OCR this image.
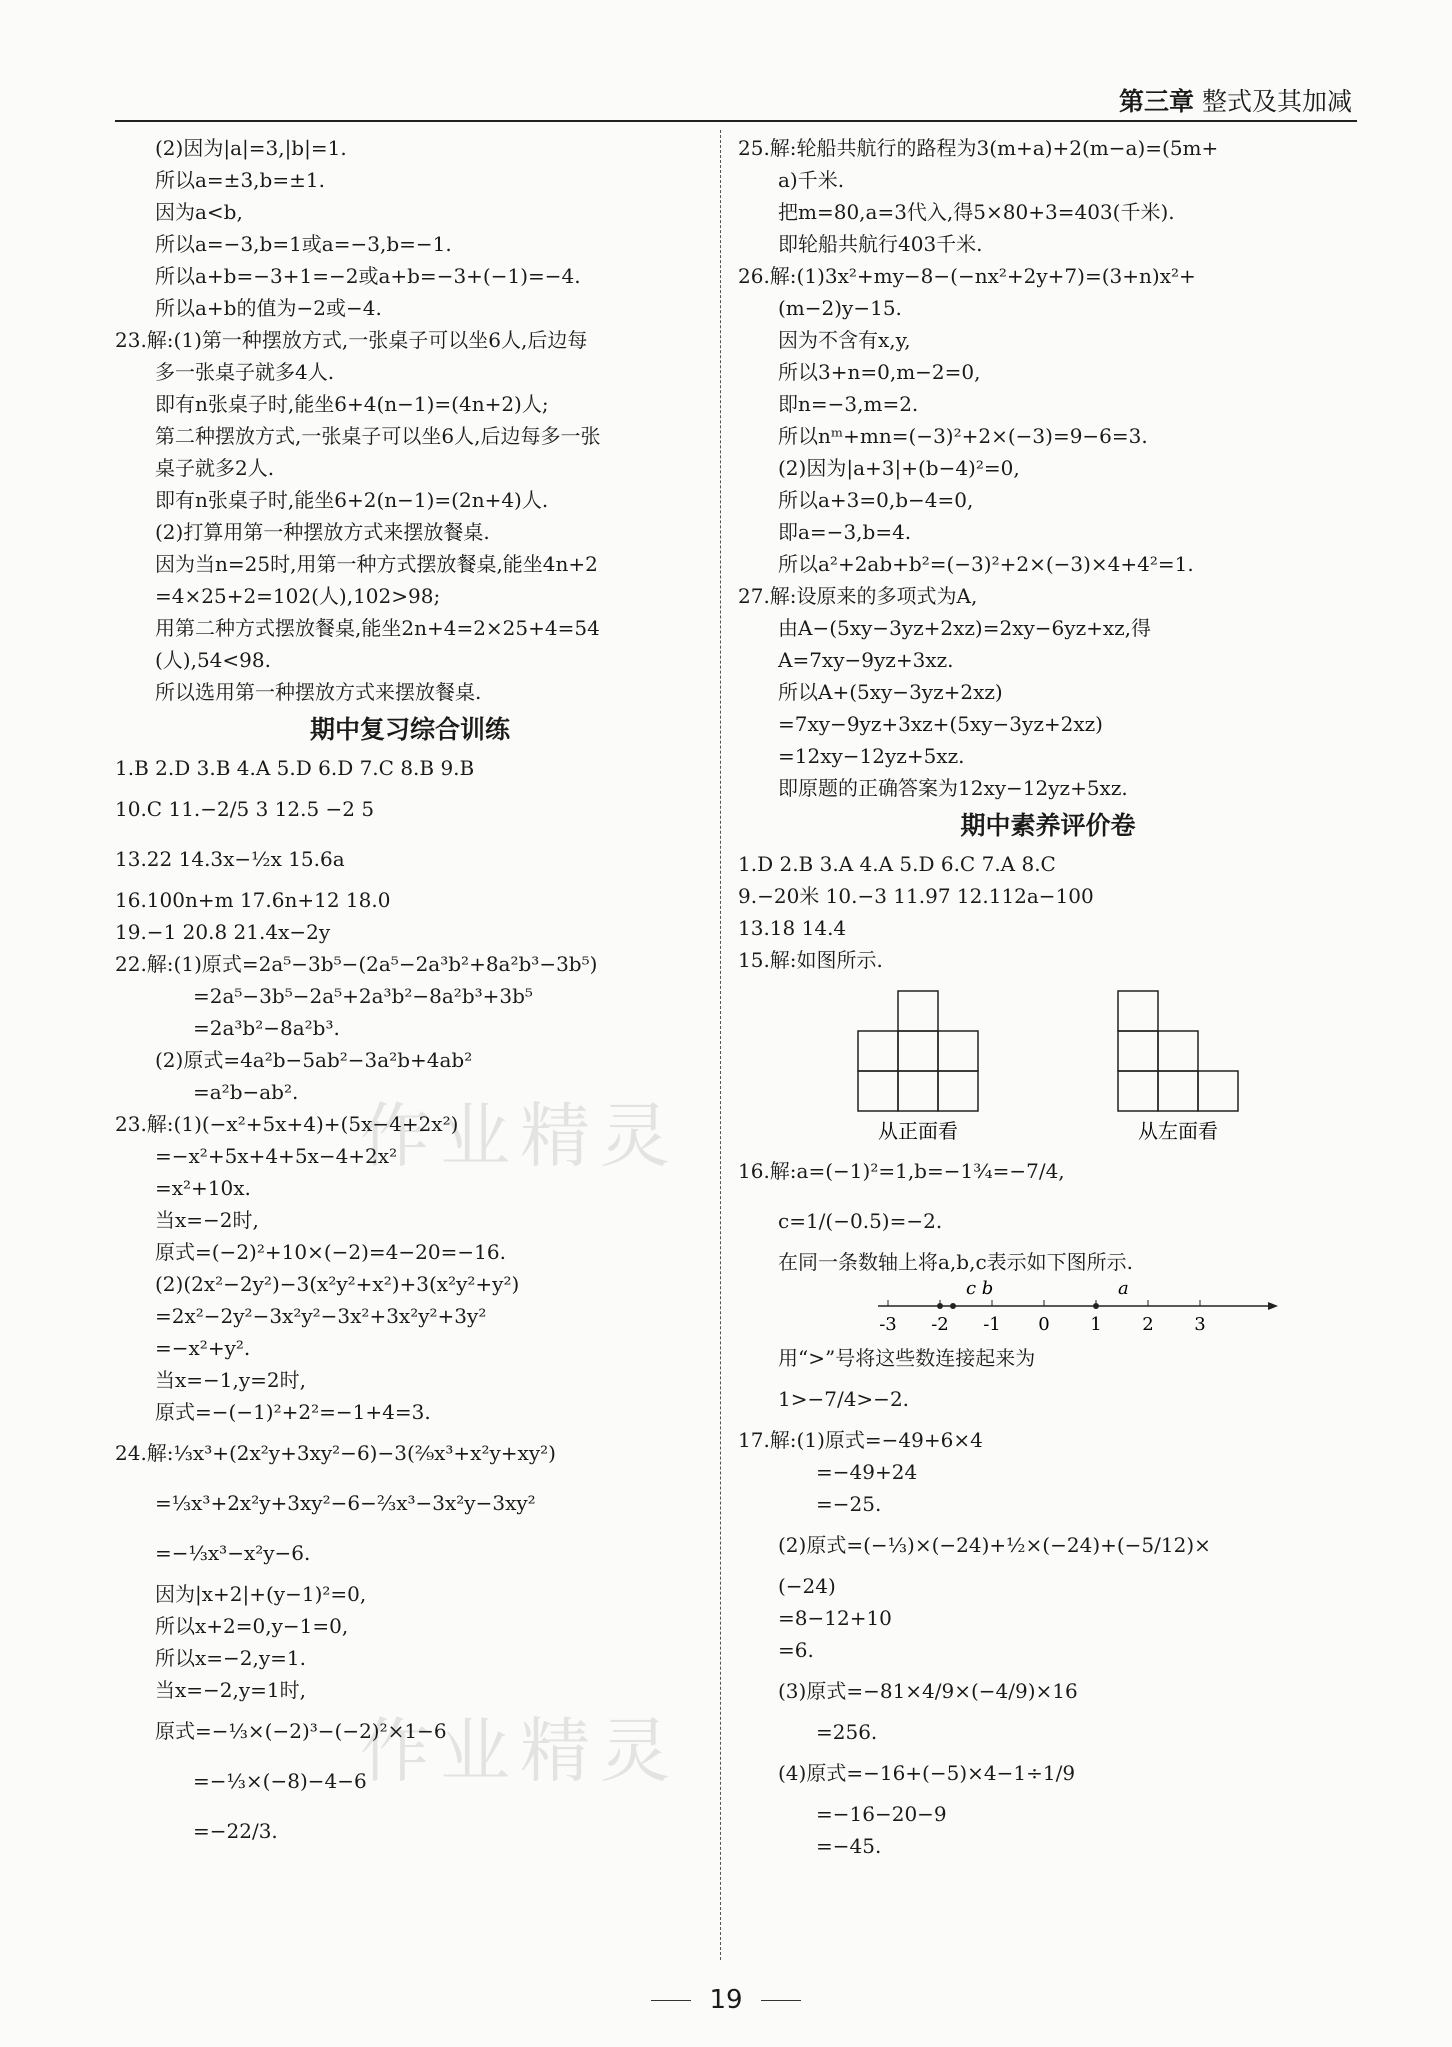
第三章 整式及其加减
作业精灵
作业精灵
(2)因为|a|=3,|b|=1.
所以a=±3,b=±1.
因为a<b,
所以a=−3,b=1或a=−3,b=−1.
所以a+b=−3+1=−2或a+b=−3+(−1)=−4.
所以a+b的值为−2或−4.
23.解:(1)第一种摆放方式,一张桌子可以坐6人,后边每
多一张桌子就多4人.
即有n张桌子时,能坐6+4(n−1)=(4n+2)人;
第二种摆放方式,一张桌子可以坐6人,后边每多一张
桌子就多2人.
即有n张桌子时,能坐6+2(n−1)=(2n+4)人.
(2)打算用第一种摆放方式来摆放餐桌.
因为当n=25时,用第一种方式摆放餐桌,能坐4n+2
=4×25+2=102(人),102>98;
用第二种方式摆放餐桌,能坐2n+4=2×25+4=54
(人),54<98.
所以选用第一种摆放方式来摆放餐桌.
期中复习综合训练
1.B 2.D 3.B 4.A 5.D 6.D 7.C 8.B 9.B
10.C 11.−2/5 3 12.5 −2 5
13.22 14.3x−½x 15.6a
16.100n+m 17.6n+12 18.0
19.−1 20.8 21.4x−2y
22.解:(1)原式=2a⁵−3b⁵−(2a⁵−2a³b²+8a²b³−3b⁵)
=2a⁵−3b⁵−2a⁵+2a³b²−8a²b³+3b⁵
=2a³b²−8a²b³.
(2)原式=4a²b−5ab²−3a²b+4ab²
=a²b−ab².
23.解:(1)(−x²+5x+4)+(5x−4+2x²)
=−x²+5x+4+5x−4+2x²
=x²+10x.
当x=−2时,
原式=(−2)²+10×(−2)=4−20=−16.
(2)(2x²−2y²)−3(x²y²+x²)+3(x²y²+y²)
=2x²−2y²−3x²y²−3x²+3x²y²+3y²
=−x²+y².
当x=−1,y=2时,
原式=−(−1)²+2²=−1+4=3.
24.解:⅓x³+(2x²y+3xy²−6)−3(²⁄₉x³+x²y+xy²)
=⅓x³+2x²y+3xy²−6−⅔x³−3x²y−3xy²
=−⅓x³−x²y−6.
因为|x+2|+(y−1)²=0,
所以x+2=0,y−1=0,
所以x=−2,y=1.
当x=−2,y=1时,
原式=−⅓×(−2)³−(−2)²×1−6
=−⅓×(−8)−4−6
=−22/3.
25.解:轮船共航行的路程为3(m+a)+2(m−a)=(5m+
a)千米.
把m=80,a=3代入,得5×80+3=403(千米).
即轮船共航行403千米.
26.解:(1)3x²+my−8−(−nx²+2y+7)=(3+n)x²+
(m−2)y−15.
因为不含有x,y,
所以3+n=0,m−2=0,
即n=−3,m=2.
所以nᵐ+mn=(−3)²+2×(−3)=9−6=3.
(2)因为|a+3|+(b−4)²=0,
所以a+3=0,b−4=0,
即a=−3,b=4.
所以a²+2ab+b²=(−3)²+2×(−3)×4+4²=1.
27.解:设原来的多项式为A,
由A−(5xy−3yz+2xz)=2xy−6yz+xz,得
A=7xy−9yz+3xz.
所以A+(5xy−3yz+2xz)
=7xy−9yz+3xz+(5xy−3yz+2xz)
=12xy−12yz+5xz.
即原题的正确答案为12xy−12yz+5xz.
期中素养评价卷
1.D 2.B 3.A 4.A 5.D 6.C 7.A 8.C
9.−20米 10.−3 11.97 12.112a−100
13.18 14.4
15.解:如图所示.
从正面看	从左面看
16.解:a=(−1)²=1,b=−1¾=−7/4,
c=1/(−0.5)=−2.
在同一条数轴上将a,b,c表示如下图所示.
-3 -2 -1 0 1 2 3
c b	a
用“>”号将这些数连接起来为
1>−7/4>−2.
17.解:(1)原式=−49+6×4
=−49+24
=−25.
(2)原式=(−⅓)×(−24)+½×(−24)+(−5/12)×
(−24)
=8−12+10
=6.
(3)原式=−81×4/9×(−4/9)×16
=256.
(4)原式=−16+(−5)×4−1÷1/9
=−16−20−9
=−45.
19
